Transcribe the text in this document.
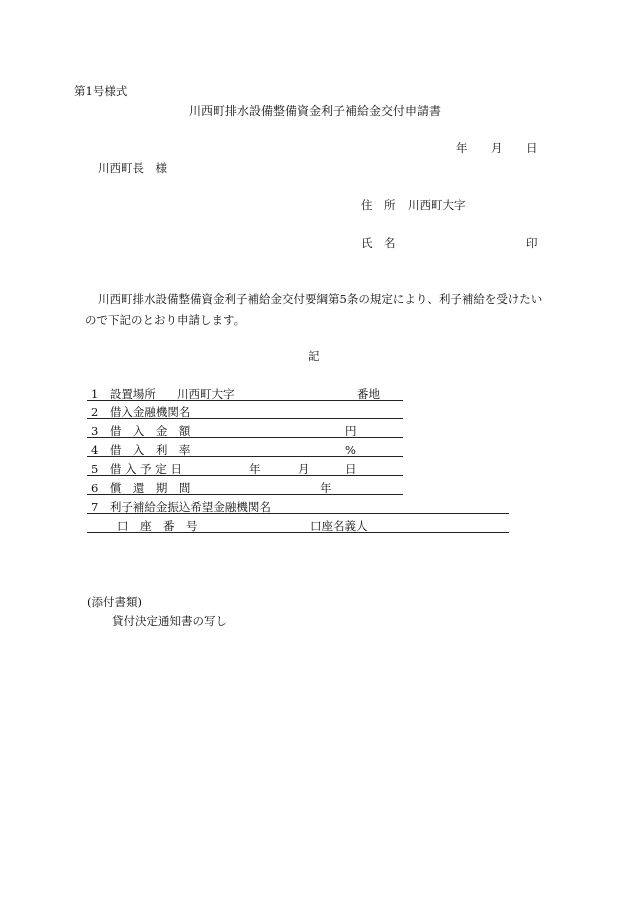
第1号様式
川西町排水設備整備資金利子補給金交付申請書
年 月 日
川西町長　様
住　所 川西町大字
氏　名	印
川西町排水設備整備資金利子補給金交付要綱第5条の規定により、利子補給を受けたい
ので下記のとおり申請します。
記
1　設置場所 川西町大字	番地
2　借入金融機関名
3　借　入　金　額	円
4　借　入　利　率	%
5　借 入 予 定 日	年	月	日
6　償　還　期　間	年
7　利子補給金振込希望金融機関名
口　座　番　号	口座名義人
(添付書類)
貸付決定通知書の写し
